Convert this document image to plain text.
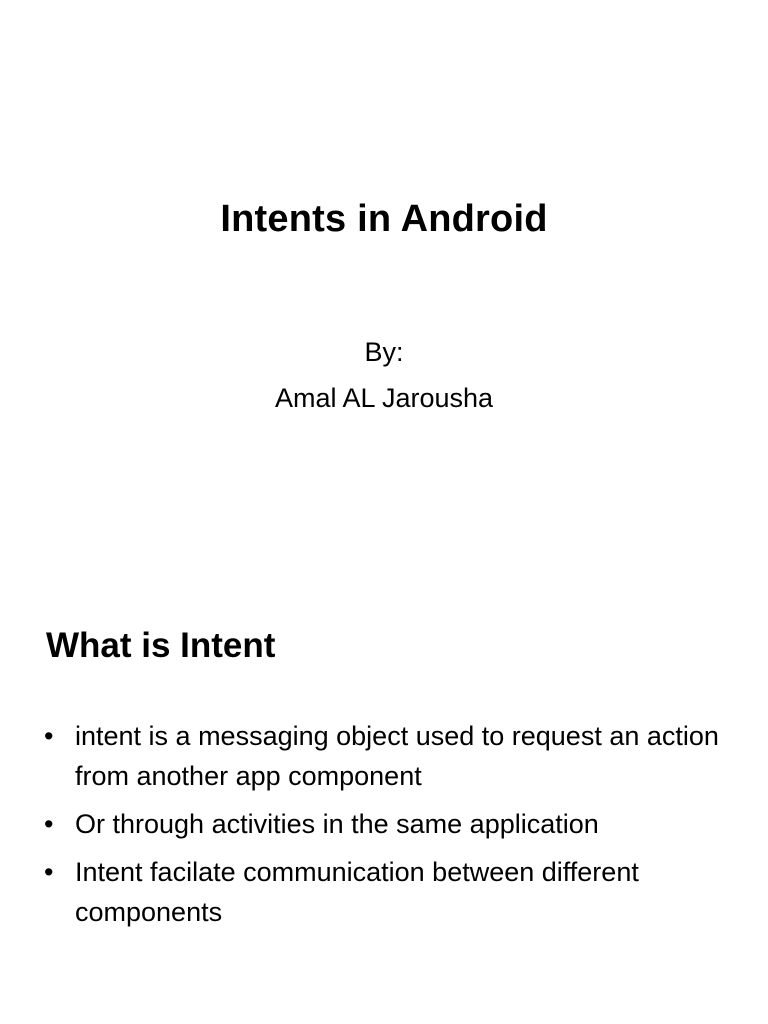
Intents in Android
By:
Amal AL Jarousha
What is Intent
• intent is a messaging object used to request an action from another app component
• Or through activities in the same application
• Intent facilate communication between different components
